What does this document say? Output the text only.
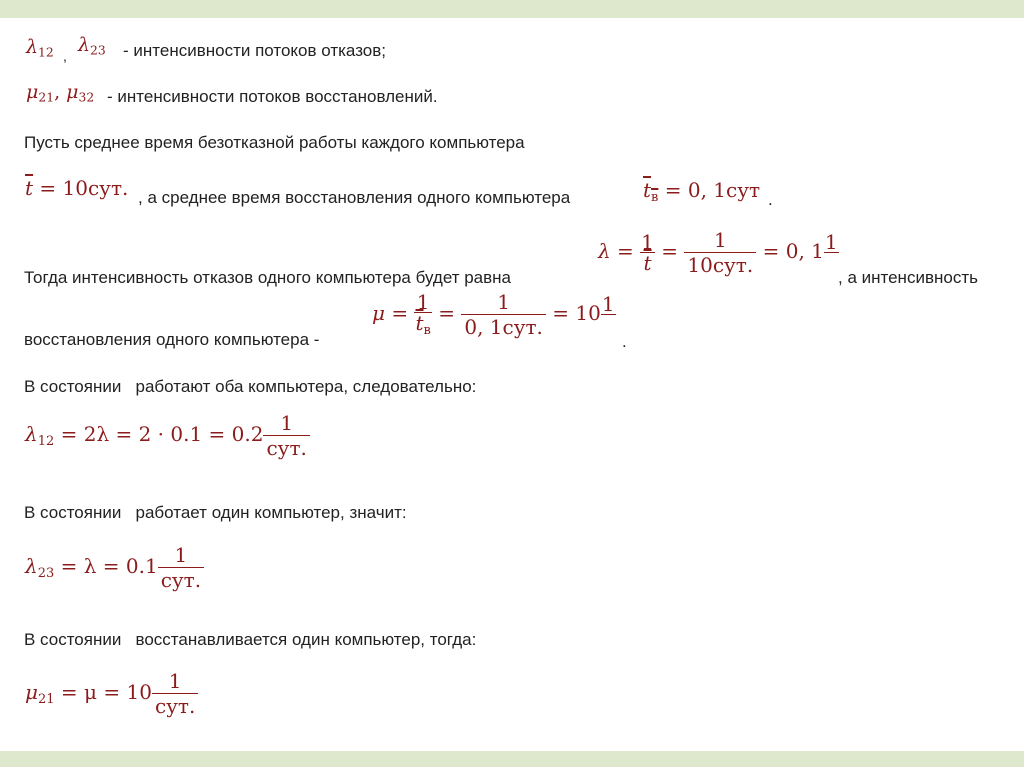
$\lambda_{12}$ , $\lambda_{23}$ - интенсивности потоков отказов;
$\mu_{21}$, $\mu_{32}$ - интенсивности потоков восстановлений.
Пусть среднее время безотказной работы каждого компьютера
$\overline{t} = 10сут$. , а среднее время восстановления одного компьютера	$t_в = 0$, 1сут .
$\lambda = \frac{1}{t} = \frac{1}{\text{10сут.}} = 0$, 1 1

Тогда интенсивность отказов одного компьютера будет равна	, а интенсивность
$\mu = \frac{1}{\overline{t}_в} = \frac{1}{\text{0, 1сут.}} = 10$ 1

восстановления одного компьютера -	.
В состоянии   работают оба компьютера, следовательно:
$\lambda_{12} = 2\lambda = 2 \cdot 0.1 = 0.2 \frac{1}{\text{сут.}}$
В состоянии   работает один компьютер, значит:
$\lambda_{23} = \lambda = 0.1 \frac{1}{\text{сут.}}$
В состоянии   восстанавливается один компьютер, тогда:
$\mu_{21} = \mu = 10 \frac{1}{\text{сут.}}$
